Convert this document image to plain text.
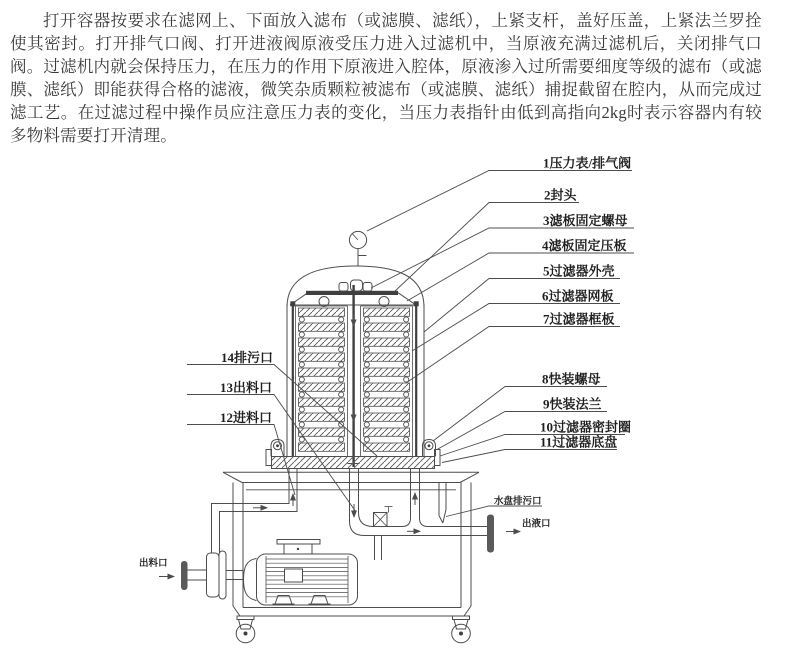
打开容器按要求在滤网上、下面放入滤布（或滤膜、滤纸），上紧支杆，盖好压盖，上紧法兰罗拴使其密封。打开排气口阀、打开进液阀原液受压力进入过滤机中，当原液充满过滤机后，关闭排气口阀。过滤机内就会保持压力，在压力的作用下原液进入腔体，原液渗入过所需要细度等级的滤布（或滤膜、滤纸）即能获得合格的滤液，微笑杂质颗粒被滤布（或滤膜、滤纸）捕捉截留在腔内，从而完成过滤工艺。在过滤过程中操作员应注意压力表的变化，当压力表指针由低到高指向2kg时表示容器内有较多物料需要打开清理。

1压力表/排气阀
2封头
3滤板固定螺母
4滤板固定压板
5过滤器外壳
6过滤器网板
7过滤器框板
8快装螺母
9快装法兰
10过滤器密封圈
11过滤器底盘
14排污口
13出料口
12进料口
水盘排污口
出液口
出料口
